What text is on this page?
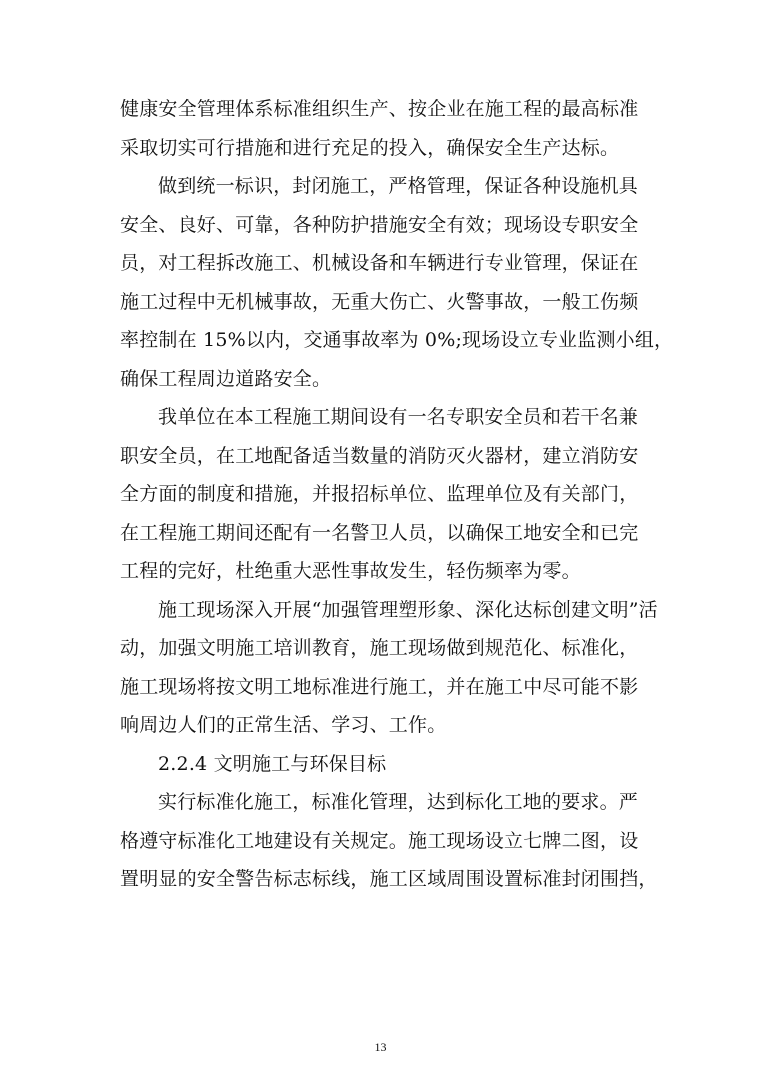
健康安全管理体系标准组织生产、按企业在施工程的最高标准
采取切实可行措施和进行充足的投入，确保安全生产达标。
做到统一标识，封闭施工，严格管理，保证各种设施机具
安全、良好、可靠，各种防护措施安全有效；现场设专职安全
员，对工程拆改施工、机械设备和车辆进行专业管理，保证在
施工过程中无机械事故，无重大伤亡、火警事故，一般工伤频
率控制在 15%以内，交通事故率为 0%;现场设立专业监测小组，
确保工程周边道路安全。
我单位在本工程施工期间设有一名专职安全员和若干名兼
职安全员，在工地配备适当数量的消防灭火器材，建立消防安
全方面的制度和措施，并报招标单位、监理单位及有关部门，
在工程施工期间还配有一名警卫人员，以确保工地安全和已完
工程的完好，杜绝重大恶性事故发生，轻伤频率为零。
施工现场深入开展“加强管理塑形象、深化达标创建文明”活
动，加强文明施工培训教育，施工现场做到规范化、标准化，
施工现场将按文明工地标准进行施工，并在施工中尽可能不影
响周边人们的正常生活、学习、工作。
2.2.4 文明施工与环保目标
实行标准化施工，标准化管理，达到标化工地的要求。严
格遵守标准化工地建设有关规定。施工现场设立七牌二图，设
置明显的安全警告标志标线，施工区域周围设置标准封闭围挡，
13
